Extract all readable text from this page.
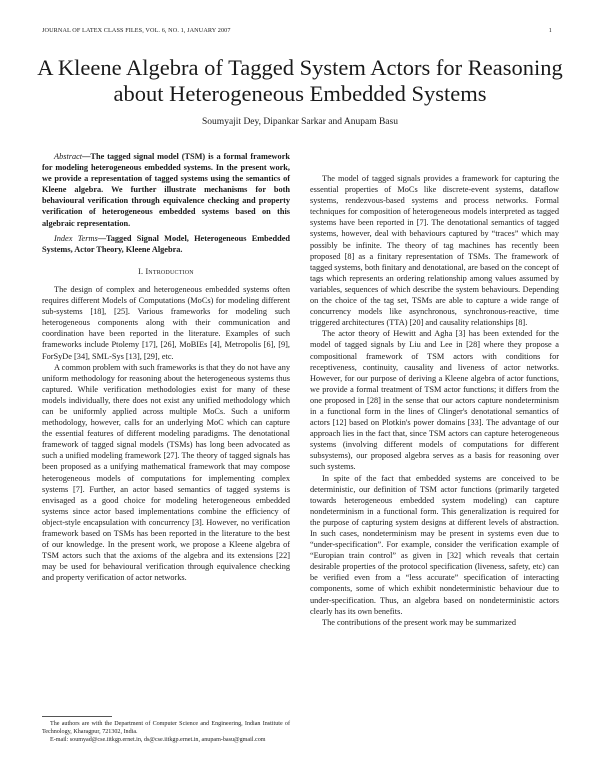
JOURNAL OF LATEX CLASS FILES, VOL. 6, NO. 1, JANUARY 2007	1
A Kleene Algebra of Tagged System Actors for Reasoning about Heterogeneous Embedded Systems
Soumyajit Dey, Dipankar Sarkar and Anupam Basu
Abstract—The tagged signal model (TSM) is a formal framework for modeling heterogeneous embedded systems. In the present work, we provide a representation of tagged systems using the semantics of Kleene algebra. We further illustrate mechanisms for both behavioural verification through equivalence checking and property verification of heterogeneous embedded systems based on this algebraic representation.
Index Terms—Tagged Signal Model, Heterogeneous Embedded Systems, Actor Theory, Kleene Algebra.
I. Introduction

The design of complex and heterogeneous embedded systems often requires different Models of Computations (MoCs) for modeling different sub-systems [18], [25]. Various frameworks for modeling such heterogeneous components along with their communication and coordination have been reported in the literature. Examples of such frameworks include Ptolemy [17], [26], MoBIEs [4], Metropolis [6], [9], ForSyDe [34], SML-Sys [13], [29], etc.

A common problem with such frameworks is that they do not have any uniform methodology for reasoning about the heterogeneous systems thus captured. While verification methodologies exist for many of these models individually, there does not exist any unified methodology which can be uniformly applied across multiple MoCs. Such a uniform methodology, however, calls for an underlying MoC which can capture the essential features of different modeling paradigms. The denotational framework of tagged signal models (TSMs) has long been advocated as such a unified modeling framework [27]. The theory of tagged signals has been proposed as a unifying mathematical framework that may compose heterogeneous models of computations for implementing complex systems [7]. Further, an actor based semantics of tagged systems is envisaged as a good choice for modeling heterogeneous embedded systems since actor based implementations combine the efficiency of object-style encapsulation with concurrency [3]. However, no verification framework based on TSMs has been reported in the literature to the best of our knowledge. In the present work, we propose a Kleene algebra of TSM actors such that the axioms of the algebra and its extensions [22] may be used for behavioural verification through equivalence checking and property verification of actor networks.

The authors are with the Department of Computer Science and Engineering, Indian Institute of Technology, Kharagpur, 721302, India.

E-mail: soumyad@cse.iitkgp.ernet.in, ds@cse.iitkgp.ernet.in, anupam-basu@gmail.com

The model of tagged signals provides a framework for capturing the essential properties of MoCs like discrete-event systems, dataflow systems, rendezvous-based systems and process networks. Formal techniques for composition of heterogeneous models interpreted as tagged systems have been reported in [7]. The denotational semantics of tagged systems, however, deal with behaviours captured by “traces” which may possibly be infinite. The theory of tag machines has recently been proposed [8] as a finitary representation of TSMs. The framework of tagged systems, both finitary and denotational, are based on the concept of tags which represents an ordering relationship among values assumed by variables, sequences of which describe the system behaviours. Depending on the choice of the tag set, TSMs are able to capture a wide range of concurrency models like asynchronous, synchronous-reactive, time triggered architectures (TTA) [20] and causality relationships [8].

The actor theory of Hewitt and Agha [3] has been extended for the model of tagged signals by Liu and Lee in [28] where they propose a compositional framework of TSM actors with conditions for receptiveness, continuity, causality and liveness of actor networks. However, for our purpose of deriving a Kleene algebra of actor functions, we provide a formal treatment of TSM actor functions; it differs from the one proposed in [28] in the sense that our actors capture nondeterminism in a functional form in the lines of Clinger's denotational semantics of actors [12] based on Plotkin's power domains [33]. The advantage of our approach lies in the fact that, since TSM actors can capture heterogeneous systems (involving different models of computations for different subsystems), our proposed algebra serves as a basis for reasoning over such systems.

In spite of the fact that embedded systems are conceived to be deterministic, our definition of TSM actor functions (primarily targeted towards heterogeneous embedded system modeling) can capture nondeterminism in a functional form. This generalization is required for the purpose of capturing system designs at different levels of abstraction. In such cases, nondeterminism may be present in systems even due to “under-specification”. For example, consider the verification example of “Europian train control” as given in [32] which reveals that certain desirable properties of the protocol specification (liveness, safety, etc) can be verified even from a “less accurate” specification of interacting components, some of which exhibit nondeterministic behaviour due to under-specification. Thus, an algebra based on nondeterministic actors clearly has its own benefits.

The contributions of the present work may be summarized
